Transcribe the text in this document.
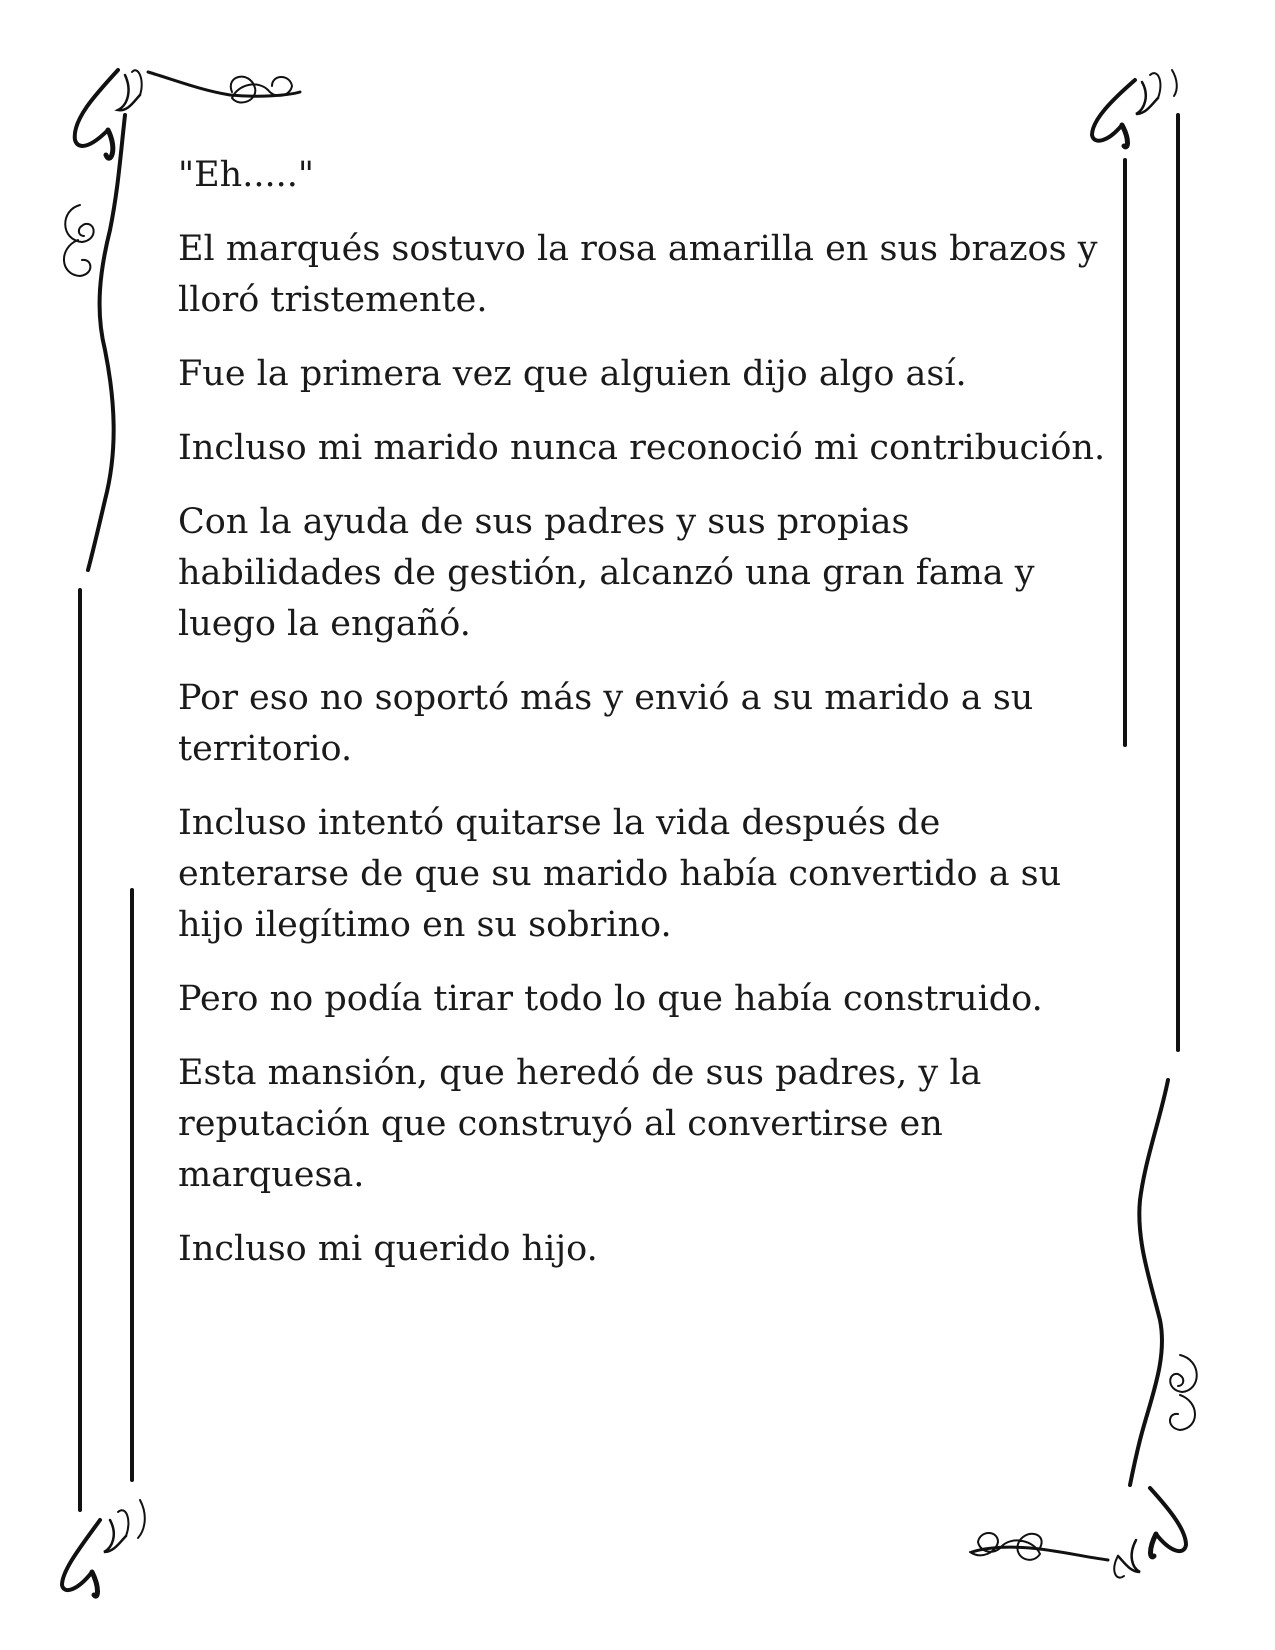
"Eh....."

El marqués sostuvo la rosa amarilla en sus brazos y lloró tristemente.

Fue la primera vez que alguien dijo algo así.

Incluso mi marido nunca reconoció mi contribución.

Con la ayuda de sus padres y sus propias habilidades de gestión, alcanzó una gran fama y luego la engañó.

Por eso no soportó más y envió a su marido a su territorio.

Incluso intentó quitarse la vida después de enterarse de que su marido había convertido a su hijo ilegítimo en su sobrino.

Pero no podía tirar todo lo que había construido.

Esta mansión, que heredó de sus padres, y la reputación que construyó al convertirse en marquesa.

Incluso mi querido hijo.
